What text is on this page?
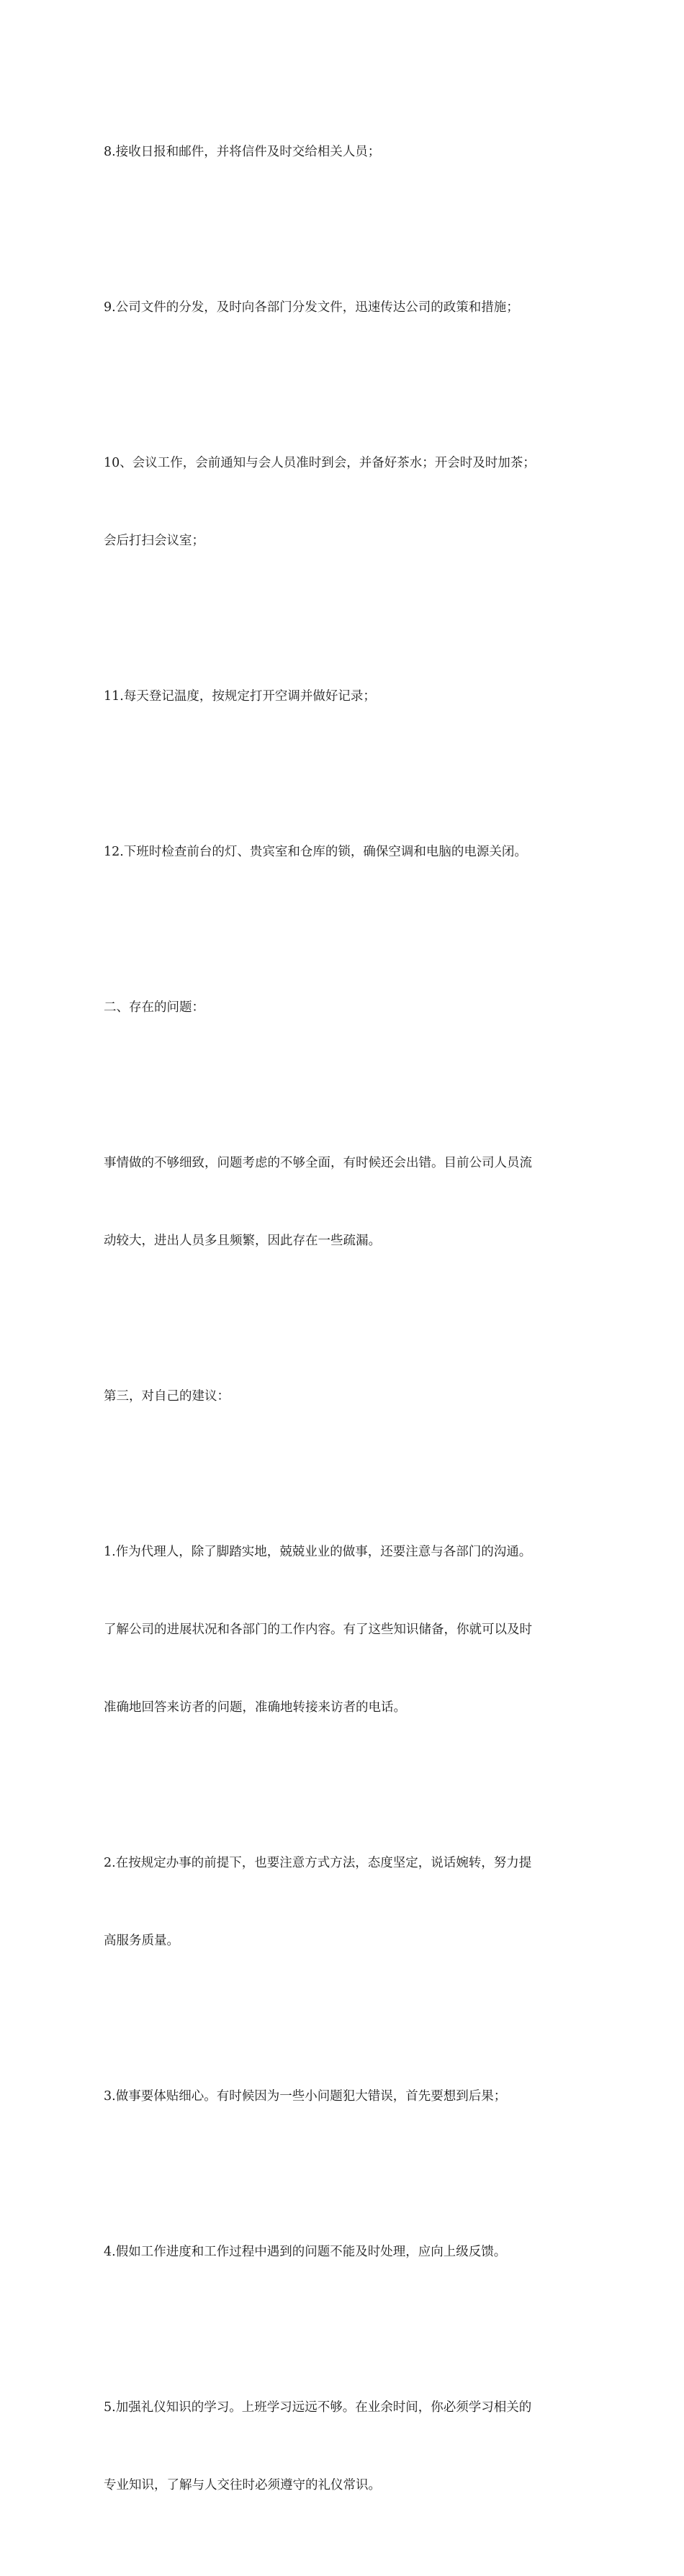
8.接收日报和邮件，并将信件及时交给相关人员；

9.公司文件的分发，及时向各部门分发文件，迅速传达公司的政策和措施；

10、会议工作，会前通知与会人员准时到会，并备好茶水；开会时及时加茶；

会后打扫会议室；

11.每天登记温度，按规定打开空调并做好记录；

12.下班时检查前台的灯、贵宾室和仓库的锁，确保空调和电脑的电源关闭。

二、存在的问题：

事情做的不够细致，问题考虑的不够全面，有时候还会出错。目前公司人员流

动较大，进出人员多且频繁，因此存在一些疏漏。

第三，对自己的建议：

1.作为代理人，除了脚踏实地，兢兢业业的做事，还要注意与各部门的沟通。

了解公司的进展状况和各部门的工作内容。有了这些知识储备，你就可以及时

准确地回答来访者的问题，准确地转接来访者的电话。

2.在按规定办事的前提下，也要注意方式方法，态度坚定，说话婉转，努力提

高服务质量。

3.做事要体贴细心。有时候因为一些小问题犯大错误，首先要想到后果；

4.假如工作进度和工作过程中遇到的问题不能及时处理，应向上级反馈。

5.加强礼仪知识的学习。上班学习远远不够。在业余时间，你必须学习相关的

专业知识，了解与人交往时必须遵守的礼仪常识。
